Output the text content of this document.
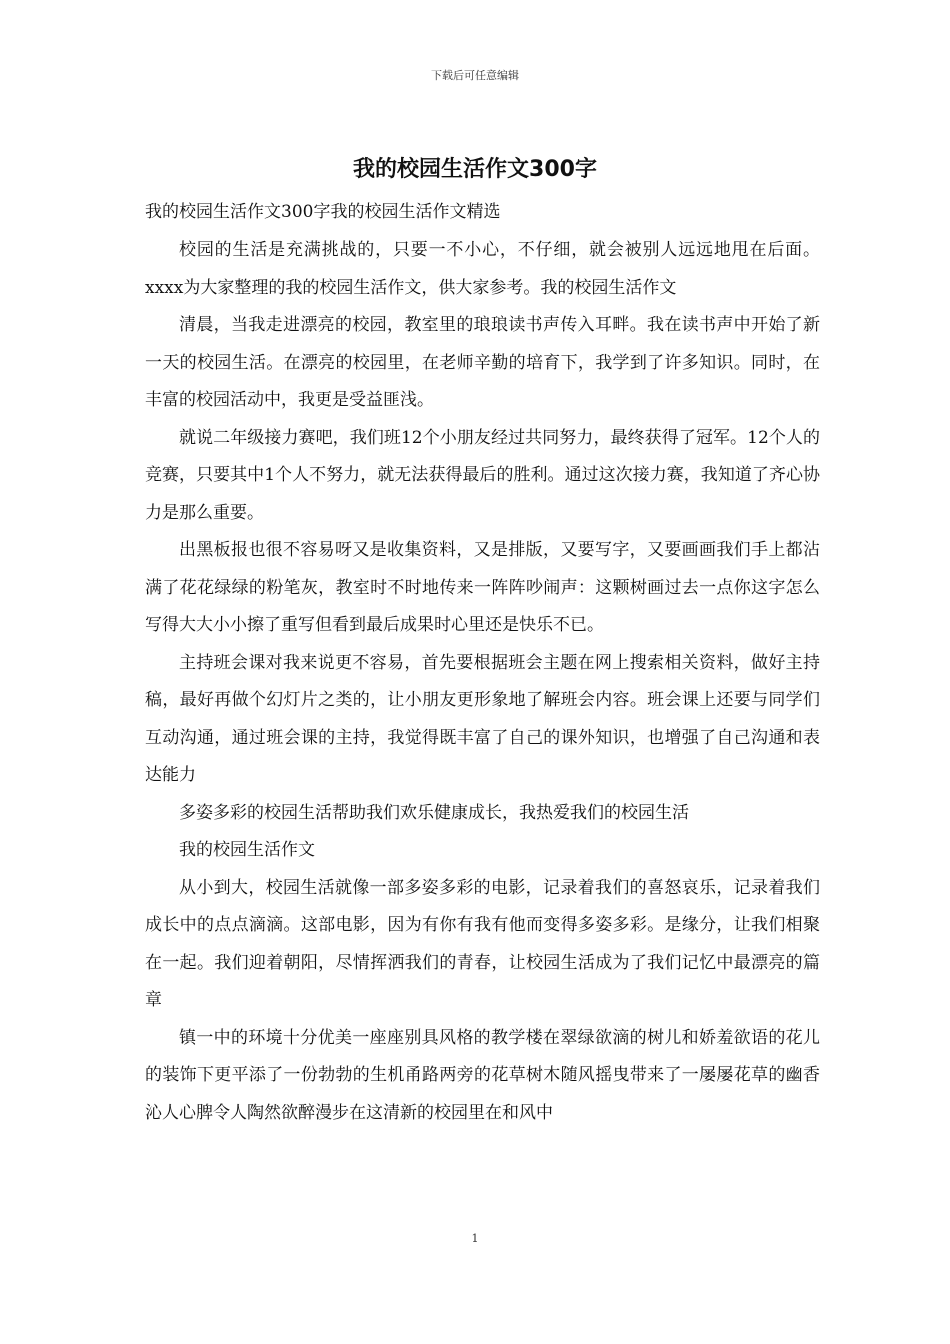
下载后可任意编辑
我的校园生活作文300字

我的校园生活作文300字我的校园生活作文精选

校园的生活是充满挑战的，只要一不小心，不仔细，就会被别人远远地甩在后面。xxxx为大家整理的我的校园生活作文，供大家参考。我的校园生活作文

清晨，当我走进漂亮的校园，教室里的琅琅读书声传入耳畔。我在读书声中开始了新一天的校园生活。在漂亮的校园里，在老师辛勤的培育下，我学到了许多知识。同时，在丰富的校园活动中，我更是受益匪浅。

就说二年级接力赛吧，我们班12个小朋友经过共同努力，最终获得了冠军。12个人的竞赛，只要其中1个人不努力，就无法获得最后的胜利。通过这次接力赛，我知道了齐心协力是那么重要。

出黑板报也很不容易呀又是收集资料，又是排版，又要写字，又要画画我们手上都沾满了花花绿绿的粉笔灰，教室时不时地传来一阵阵吵闹声：这颗树画过去一点你这字怎么写得大大小小擦了重写但看到最后成果时心里还是快乐不已。

主持班会课对我来说更不容易，首先要根据班会主题在网上搜索相关资料，做好主持稿，最好再做个幻灯片之类的，让小朋友更形象地了解班会内容。班会课上还要与同学们互动沟通，通过班会课的主持，我觉得既丰富了自己的课外知识，也增强了自己沟通和表达能力

多姿多彩的校园生活帮助我们欢乐健康成长，我热爱我们的校园生活

我的校园生活作文

从小到大，校园生活就像一部多姿多彩的电影，记录着我们的喜怒哀乐，记录着我们成长中的点点滴滴。这部电影，因为有你有我有他而变得多姿多彩。是缘分，让我们相聚在一起。我们迎着朝阳，尽情挥洒我们的青春，让校园生活成为了我们记忆中最漂亮的篇章

镇一中的环境十分优美一座座别具风格的教学楼在翠绿欲滴的树儿和娇羞欲语的花儿的装饰下更平添了一份勃勃的生机甬路两旁的花草树木随风摇曳带来了一屡屡花草的幽香沁人心脾令人陶然欲醉漫步在这清新的校园里在和风中

1
